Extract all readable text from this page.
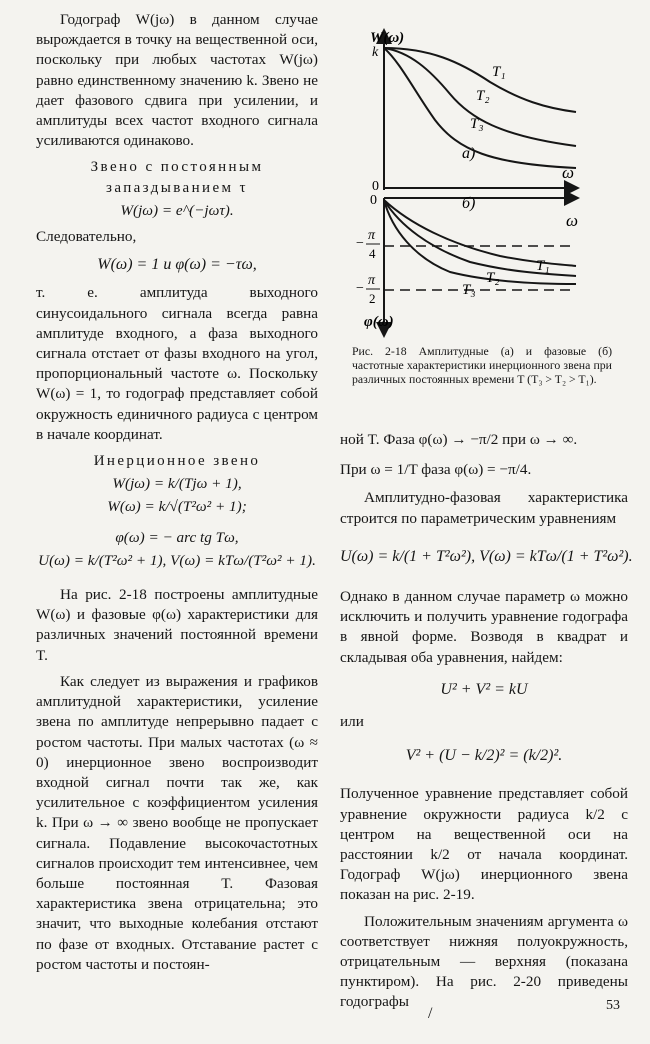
Годограф W(jω) в данном случае вырождается в точку на вещественной оси, поскольку при любых частотах W(jω) равно единственному значению k. Звено не дает фазового сдвига при усилении, и амплитуды всех частот входного сигнала усиливаются одинаково.

Звено с постоянным
запаздыванием τ
W(jω) = e^(−jωτ).

Следовательно,

W(ω) = 1 и φ(ω) = −τω,

т. е. амплитуда выходного синусоидального сигнала всегда равна амплитуде входного, а фаза выходного сигнала отстает от фазы входного на угол, пропорциональный частоте ω. Поскольку W(ω) = 1, то годограф представляет собой окружность единичного радиуса с центром в начале координат.

Инерционное звено
W(jω) = k/(Tjω + 1),
W(ω) = k/√(T²ω² + 1);
φ(ω) = − arc tg Tω,
U(ω) = k/(T²ω² + 1), V(ω) = kTω/(T²ω² + 1).

На рис. 2-18 построены амплитудные W(ω) и фазовые φ(ω) характеристики для различных значений постоянной времени T.

Как следует из выражения и графиков амплитудной характеристики, усиление звена по амплитуде непрерывно падает с ростом частоты. При малых частотах (ω ≈ 0) инерционное звено воспроизводит входной сигнал почти так же, как усилительное с коэффициентом усиления k. При ω → ∞ звено вообще не пропускает сигнала. Подавление высокочастотных сигналов происходит тем интенсивнее, чем больше постоянная T. Фазовая характеристика звена отрицательна; это значит, что выходные колебания отстают по фазе от входных. Отставание растет с ростом частоты и постоян-

W(ω)
k
0
ω
а)
T₁
T₂
T₃
0
ω
б)
−
π
4
−
π
2
φ(ω)
T₁
T₂
T₃
Рис. 2-18 Амплитудные (а) и фазовые (б) частотные характеристики инерционного звена при различных постоянных времени T (T₃ > T₂ > T₁).

ной T. Фаза φ(ω) → −π/2 при ω → ∞.

При ω = 1/T фаза φ(ω) = −π/4.

Амплитудно-фазовая характеристика строится по параметрическим уравнениям

U(ω) = k/(1 + T²ω²), V(ω) = kTω/(1 + T²ω²).

Однако в данном случае параметр ω можно исключить и получить уравнение годографа в явной форме. Возводя в квадрат и складывая оба уравнения, найдем:

U² + V² = kU

или

V² + (U − k/2)² = (k/2)².

Полученное уравнение представляет собой уравнение окружности радиуса k/2 с центром на вещественной оси на расстоянии k/2 от начала координат. Годограф W(jω) инерционного звена показан на рис. 2-19.

Положительным значениям аргумента ω соответствует нижняя полуокружность, отрицательным — верхняя (показана пунктиром). На рис. 2-20 приведены годографы	53
/
